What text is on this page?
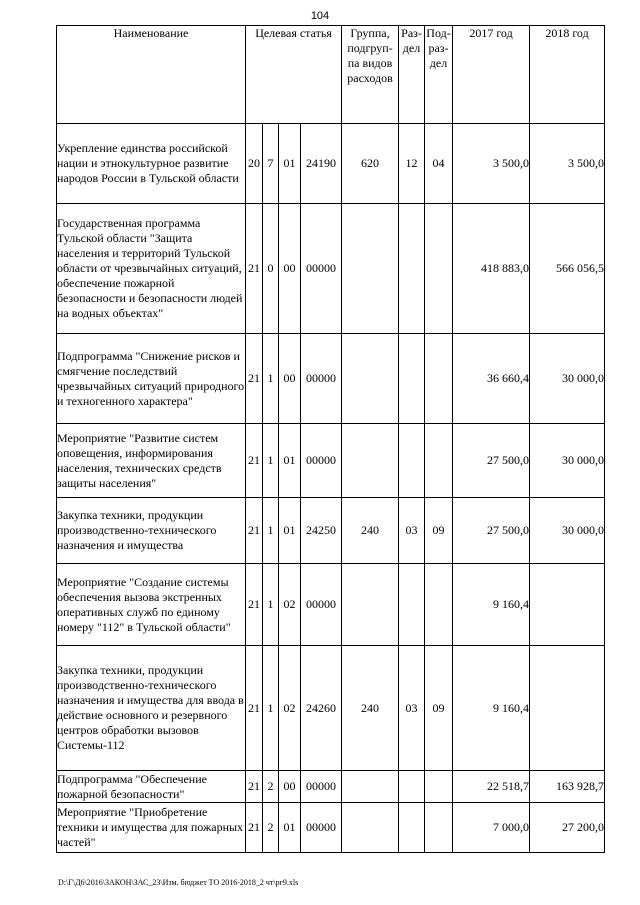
104
Наименование	Целевая статья				Группа, подгруп- па видов расходов	Раз- дел	Под- раз- дел	2017 год	2018 год
Укрепление единства российской нации и этнокультурное развитие народов России в Тульской области	20	7	01	24190	620	12	04	3 500,0	3 500,0
Государственная программа Тульской области "Защита населения и территорий Тульской области от чрезвычайных ситуаций, обеспечение пожарной безопасности и безопасности людей на водных объектах"	21	0	00	00000				418 883,0	566 056,5
Подпрограмма "Снижение рисков и смягчение последствий чрезвычайных ситуаций природного и техногенного характера"	21	1	00	00000				36 660,4	30 000,0
Мероприятие "Развитие систем оповещения, информирования населения, технических средств защиты населения"	21	1	01	00000				27 500,0	30 000,0
Закупка техники, продукции производственно-технического назначения и имущества	21	1	01	24250	240	03	09	27 500,0	30 000,0
Мероприятие "Создание системы обеспечения вызова экстренных оперативных служб по единому номеру "112" в Тульской области"	21	1	02	00000				9 160,4	
Закупка техники, продукции производственно-технического назначения и имущества для ввода в действие основного и резервного центров обработки вызовов Системы-112	21	1	02	24260	240	03	09	9 160,4	
Подпрограмма "Обеспечение пожарной безопасности"	21	2	00	00000				22 518,7	163 928,7
Мероприятие "Приобретение техники и имущества для пожарных частей"	21	2	01	00000				7 000,0	27 200,0
D:\Г\Д6\2016\ЗАКОН\ЗАС_23\Изм. бюджет ТО 2016-2018_2 чт\рг9.xls
